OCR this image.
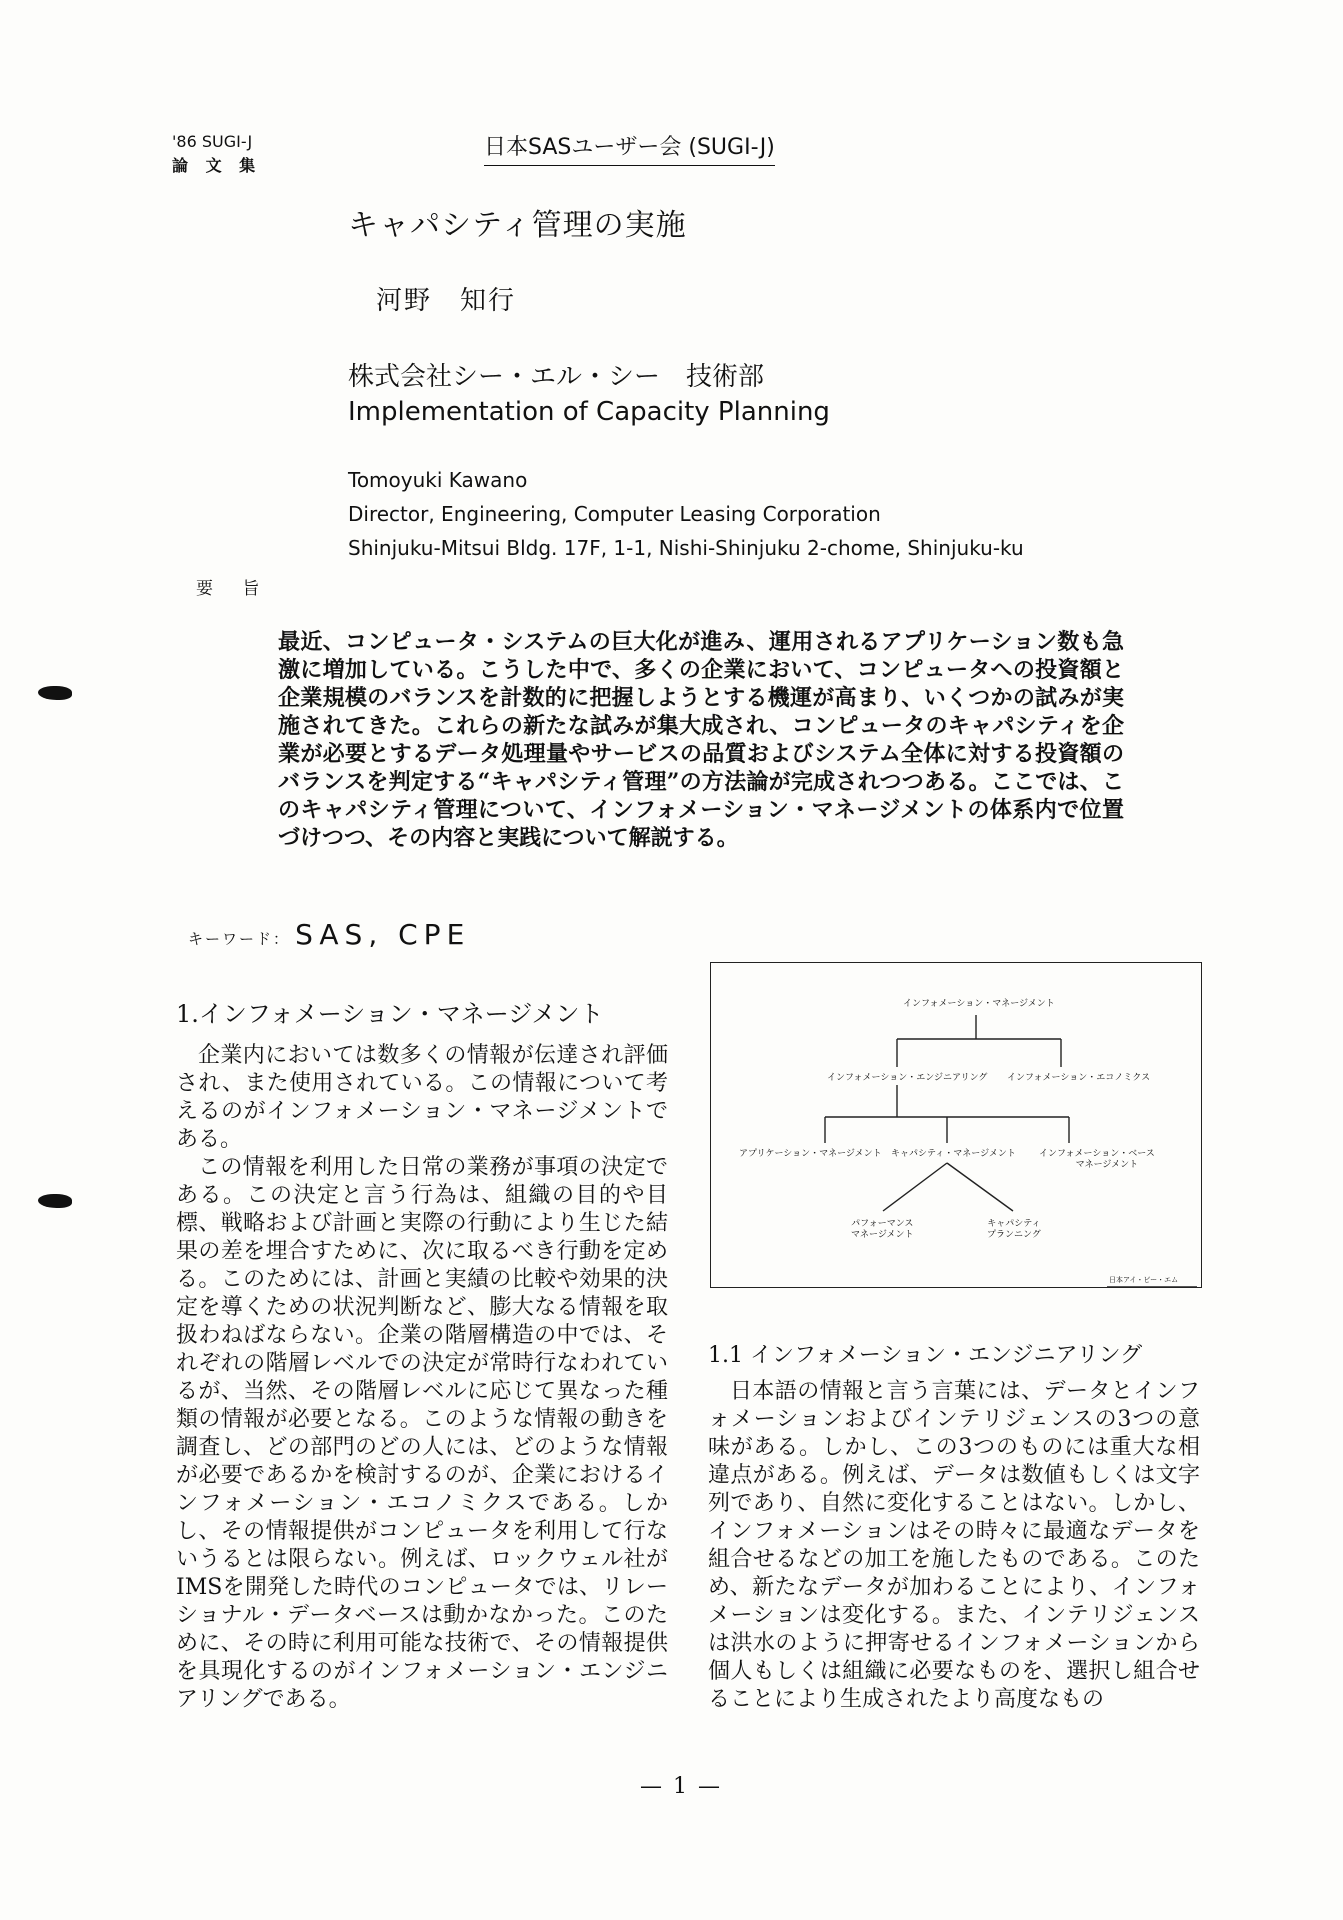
'86 SUGI-J
論 文 集
日本SASユーザー会 (SUGI-J)
キャパシティ管理の実施
河野　知行
株式会社シー・エル・シー　技術部
Implementation of Capacity Planning
Tomoyuki Kawano
Director, Engineering, Computer Leasing Corporation
Shinjuku-Mitsui Bldg. 17F, 1-1, Nishi-Shinjuku 2-chome, Shinjuku-ku
要 旨
最近、コンピュータ・システムの巨大化が進み、運用されるアプリケーション数も急激に増加している。こうした中で、多くの企業において、コンピュータへの投資額と企業規模のバランスを計数的に把握しようとする機運が高まり、いくつかの試みが実施されてきた。これらの新たな試みが集大成され、コンピュータのキャパシティを企業が必要とするデータ処理量やサービスの品質およびシステム全体に対する投資額のバランスを判定する“キャパシティ管理”の方法論が完成されつつある。ここでは、このキャパシティ管理について、インフォメーション・マネージメントの体系内で位置づけつつ、その内容と実践について解説する。
キーワード： SAS, CPE
1.インフォメーション・マネージメント

企業内においては数多くの情報が伝達され評価され、また使用されている。この情報について考えるのがインフォメーション・マネージメントである。

この情報を利用した日常の業務が事項の決定である。この決定と言う行為は、組織の目的や目標、戦略および計画と実際の行動により生じた結果の差を埋合すために、次に取るべき行動を定める。このためには、計画と実績の比較や効果的決定を導くための状況判断など、膨大なる情報を取扱わねばならない。企業の階層構造の中では、それぞれの階層レベルでの決定が常時行なわれているが、当然、その階層レベルに応じて異なった種類の情報が必要となる。このような情報の動きを調査し、どの部門のどの人には、どのような情報が必要であるかを検討するのが、企業におけるインフォメーション・エコノミクスである。しかし、その情報提供がコンピュータを利用して行ないうるとは限らない。例えば、ロックウェル社がIMSを開発した時代のコンピュータでは、リレーショナル・データベースは動かなかった。このために、その時に利用可能な技術で、その情報提供を具現化するのがインフォメーション・エンジニアリングである。

インフォメーション・マネージメント
インフォメーション・エンジニアリング インフォメーション・エコノミクス
アプリケーション・マネージメント キャパシティ・マネージメント	インフォメーション・ベース
マネージメント
パフォーマンス
マネージメント
キャパシティ
プランニング
日本アイ・ビー・エム
1.1 インフォメーション・エンジニアリング

日本語の情報と言う言葉には、データとインフォメーションおよびインテリジェンスの3つの意味がある。しかし、この3つのものには重大な相違点がある。例えば、データは数値もしくは文字列であり、自然に変化することはない。しかし、インフォメーションはその時々に最適なデータを組合せるなどの加工を施したものである。このため、新たなデータが加わることにより、インフォメーションは変化する。また、インテリジェンスは洪水のように押寄せるインフォメーションから個人もしくは組織に必要なものを、選択し組合せることにより生成されたより高度なもの

— 1 —
